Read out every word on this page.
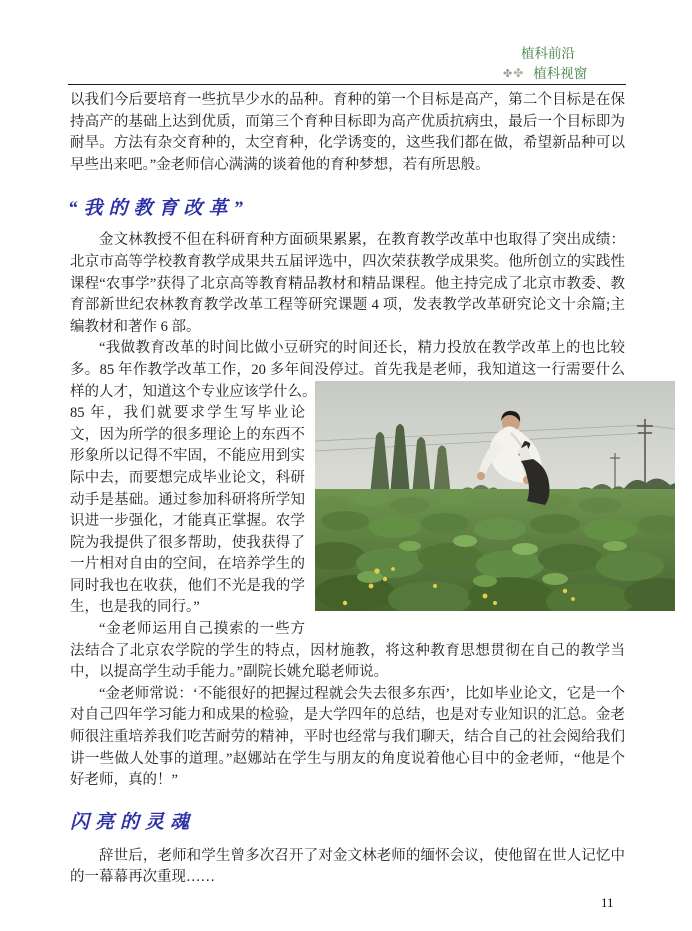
植科前沿
✤✤ 植科视窗

以我们今后要培育一些抗旱少水的品种。育种的第一个目标是高产，第二个目标是在保持高产的基础上达到优质，而第三个育种目标即为高产优质抗病虫，最后一个目标即为耐旱。方法有杂交育种的，太空育种，化学诱变的，这些我们都在做，希望新品种可以早些出来吧。”金老师信心满满的谈着他的育种梦想，若有所思般。

“我的教育改革”

金文林教授不但在科研育种方面硕果累累，在教育教学改革中也取得了突出成绩：北京市高等学校教育教学成果共五届评选中，四次荣获教学成果奖。他所创立的实践性课程“农事学”获得了北京高等教育精品教材和精品课程。他主持完成了北京市教委、教育部新世纪农林教育教学改革工程等研究课题 4 项，发表教学改革研究论文十余篇;主编教材和著作 6 部。

“我做教育改革的时间比做小豆研究的时间还长，精力投放在教学改革上的也比较多。85 年作教学改革工作，20 多年间没停过。首先我是老师，我知道这一行需要什么样的人才，知道这个专业应该学什么。

85 年，我们就要求学生写毕业论文，因为所学的很多理论上的东西不形象所以记得不牢固，不能应用到实际中去，而要想完成毕业论文，科研动手是基础。通过参加科研将所学知识进一步强化，才能真正掌握。农学院为我提供了很多帮助，使我获得了一片相对自由的空间，在培养学生的同时我也在收获，他们不光是我的学生，也是我的同行。”

“金老师运用自己摸索的一些方法结合了北京农学院的学生的特点，因材施教，将这种教育思想贯彻在自己的教学当中，以提高学生动手能力。”副院长姚允聪老师说。

“金老师常说：‘不能很好的把握过程就会失去很多东西’，比如毕业论文，它是一个对自己四年学习能力和成果的检验，是大学四年的总结，也是对专业知识的汇总。金老师很注重培养我们吃苦耐劳的精神，平时也经常与我们聊天，结合自己的社会阅给我们讲一些做人处事的道理。”赵娜站在学生与朋友的角度说着他心目中的金老师，“他是个好老师，真的！”

闪亮的灵魂

辞世后，老师和学生曾多次召开了对金文林老师的缅怀会议，使他留在世人记忆中的一幕幕再次重现……

11
